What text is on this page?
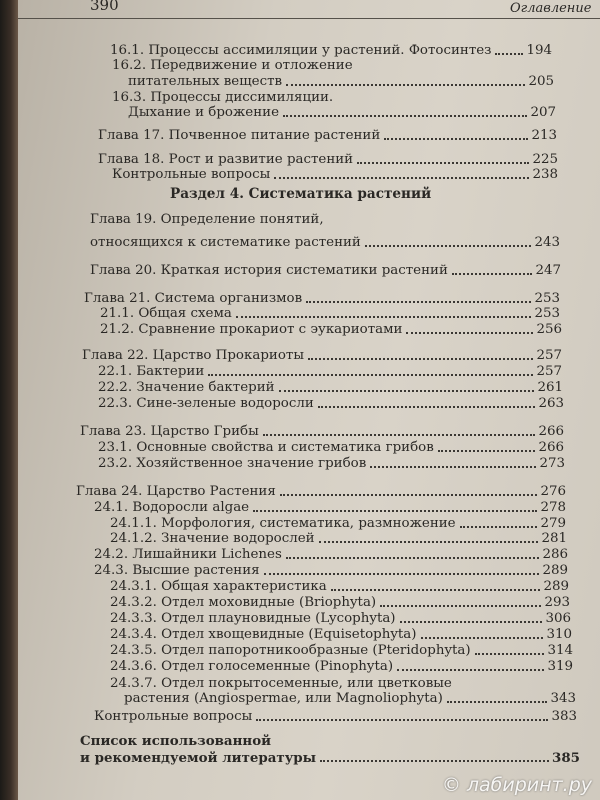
390	Оглавление
16.1. Процессы ассимиляции у растений. Фотосинтез	194
16.2. Передвижение и отложение
питательных веществ	205
16.3. Процессы диссимиляции.
Дыхание и брожение	207
Глава 17. Почвенное питание растений	213
Глава 18. Рост и развитие растений	225
Контрольные вопросы	238
Раздел 4. Систематика растений
Глава 19. Определение понятий,
относящихся к систематике растений	243
Глава 20. Краткая история систематики растений	247
Глава 21. Система организмов	253
21.1. Общая схема	253
21.2. Сравнение прокариот с эукариотами	256
Глава 22. Царство Прокариоты	257
22.1. Бактерии	257
22.2. Значение бактерий	261
22.3. Сине-зеленые водоросли	263
Глава 23. Царство Грибы	266
23.1. Основные свойства и систематика грибов	266
23.2. Хозяйственное значение грибов	273
Глава 24. Царство Растения	276
24.1. Водоросли algae	278
24.1.1. Морфология, систематика, размножение	279
24.1.2. Значение водорослей	281
24.2. Лишайники Lichenes	286
24.3. Высшие растения	289
24.3.1. Общая характеристика	289
24.3.2. Отдел моховидные (Briophyta)	293
24.3.3. Отдел плауновидные (Lycophyta)	306
24.3.4. Отдел хвощевидные (Equisetophyta)	310
24.3.5. Отдел папоротникообразные (Pteridophyta)	314
24.3.6. Отдел голосеменные (Pinophyta)	319
24.3.7. Отдел покрытосеменные, или цветковые
растения (Angiospermae, или Magnoliophyta)	343
Контрольные вопросы	383
Список использованной
и рекомендуемой литературы	385
© лабиринт.ру
